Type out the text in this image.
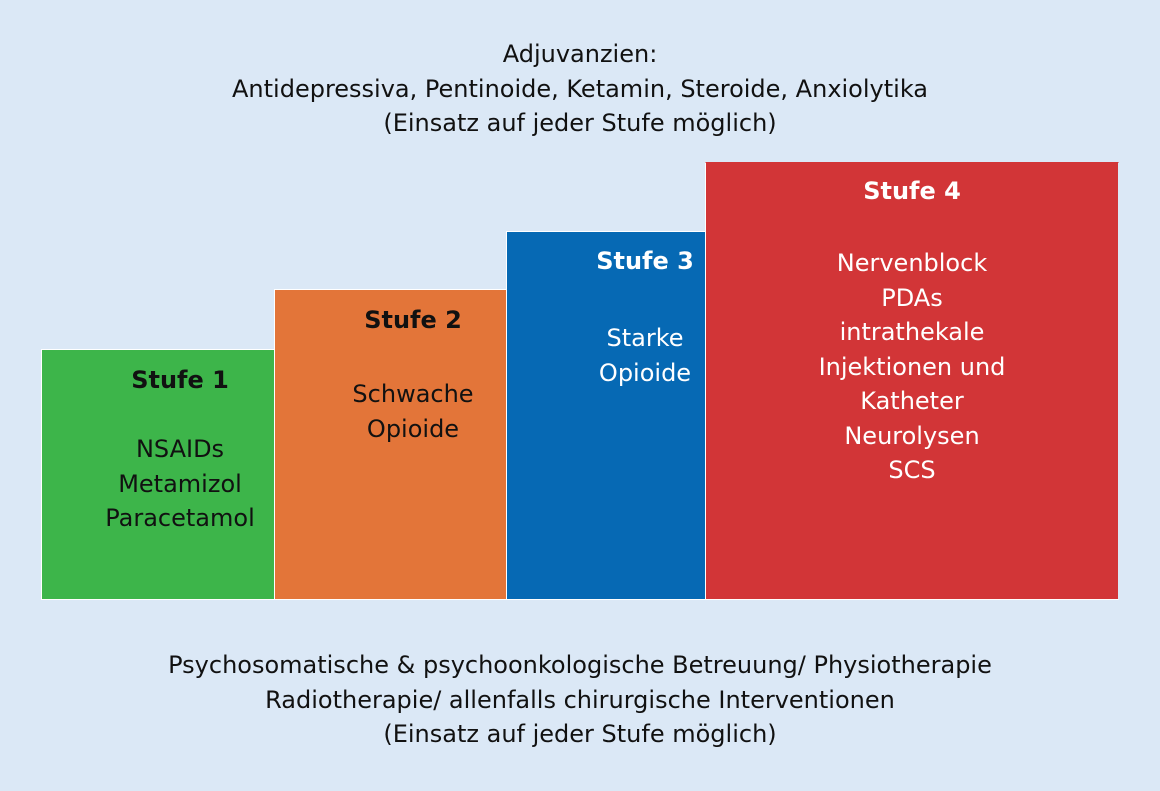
Adjuvanzien:
Antidepressiva, Pentinoide, Ketamin, Steroide, Anxiolytika
(Einsatz auf jeder Stufe möglich)
Stufe 1
NSAIDs
Metamizol
Paracetamol
Stufe 2
Schwache
Opioide
Stufe 3
Starke
Opioide
Stufe 4
Nervenblock
PDAs
intrathekale
Injektionen und
Katheter
Neurolysen
SCS
Psychosomatische & psychoonkologische Betreuung/ Physiotherapie
Radiotherapie/ allenfalls chirurgische Interventionen
(Einsatz auf jeder Stufe möglich)
